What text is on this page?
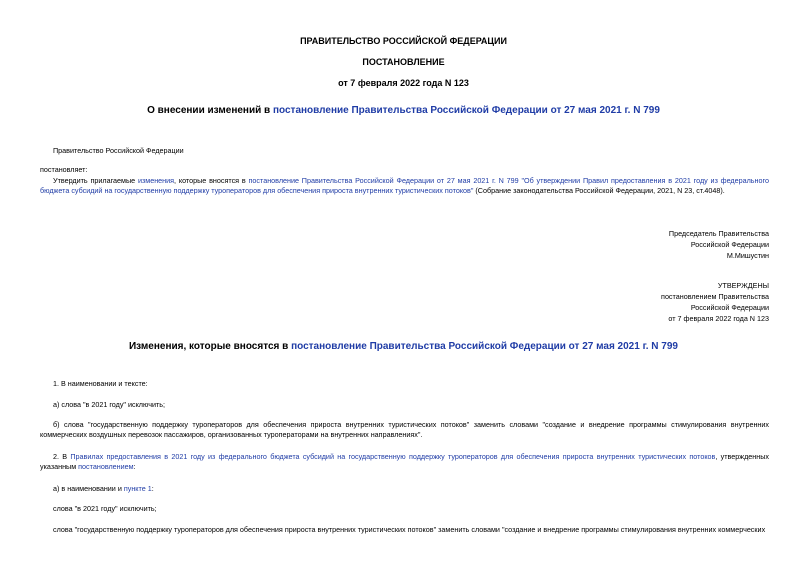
ПРАВИТЕЛЬСТВО РОССИЙСКОЙ ФЕДЕРАЦИИ
ПОСТАНОВЛЕНИЕ
от 7 февраля 2022 года N 123
О внесении изменений в постановление Правительства Российской Федерации от 27 мая 2021 г. N 799
Правительство Российской Федерации
постановляет:
Утвердить прилагаемые изменения, которые вносятся в постановление Правительства Российской Федерации от 27 мая 2021 г. N 799 "Об утверждении Правил предоставления в 2021 году из федерального бюджета субсидий на государственную поддержку туроператоров для обеспечения прироста внутренних туристических потоков" (Собрание законодательства Российской Федерации, 2021, N 23, ст.4048).
Председатель Правительства
Российской Федерации
М.Мишустин
УТВЕРЖДЕНЫ
постановлением Правительства
Российской Федерации
от 7 февраля 2022 года N 123
Изменения, которые вносятся в постановление Правительства Российской Федерации от 27 мая 2021 г. N 799
1. В наименовании и тексте:
а) слова "в 2021 году" исключить;
б) слова "государственную поддержку туроператоров для обеспечения прироста внутренних туристических потоков" заменить словами "создание и внедрение программы стимулирования внутренних коммерческих воздушных перевозок пассажиров, организованных туроператорами на внутренних направлениях".
2. В Правилах предоставления в 2021 году из федерального бюджета субсидий на государственную поддержку туроператоров для обеспечения прироста внутренних туристических потоков, утвержденных указанным постановлением:
а) в наименовании и пункте 1:
слова "в 2021 году" исключить;
слова "государственную поддержку туроператоров для обеспечения прироста внутренних туристических потоков" заменить словами "создание и внедрение программы стимулирования внутренних коммерческих
